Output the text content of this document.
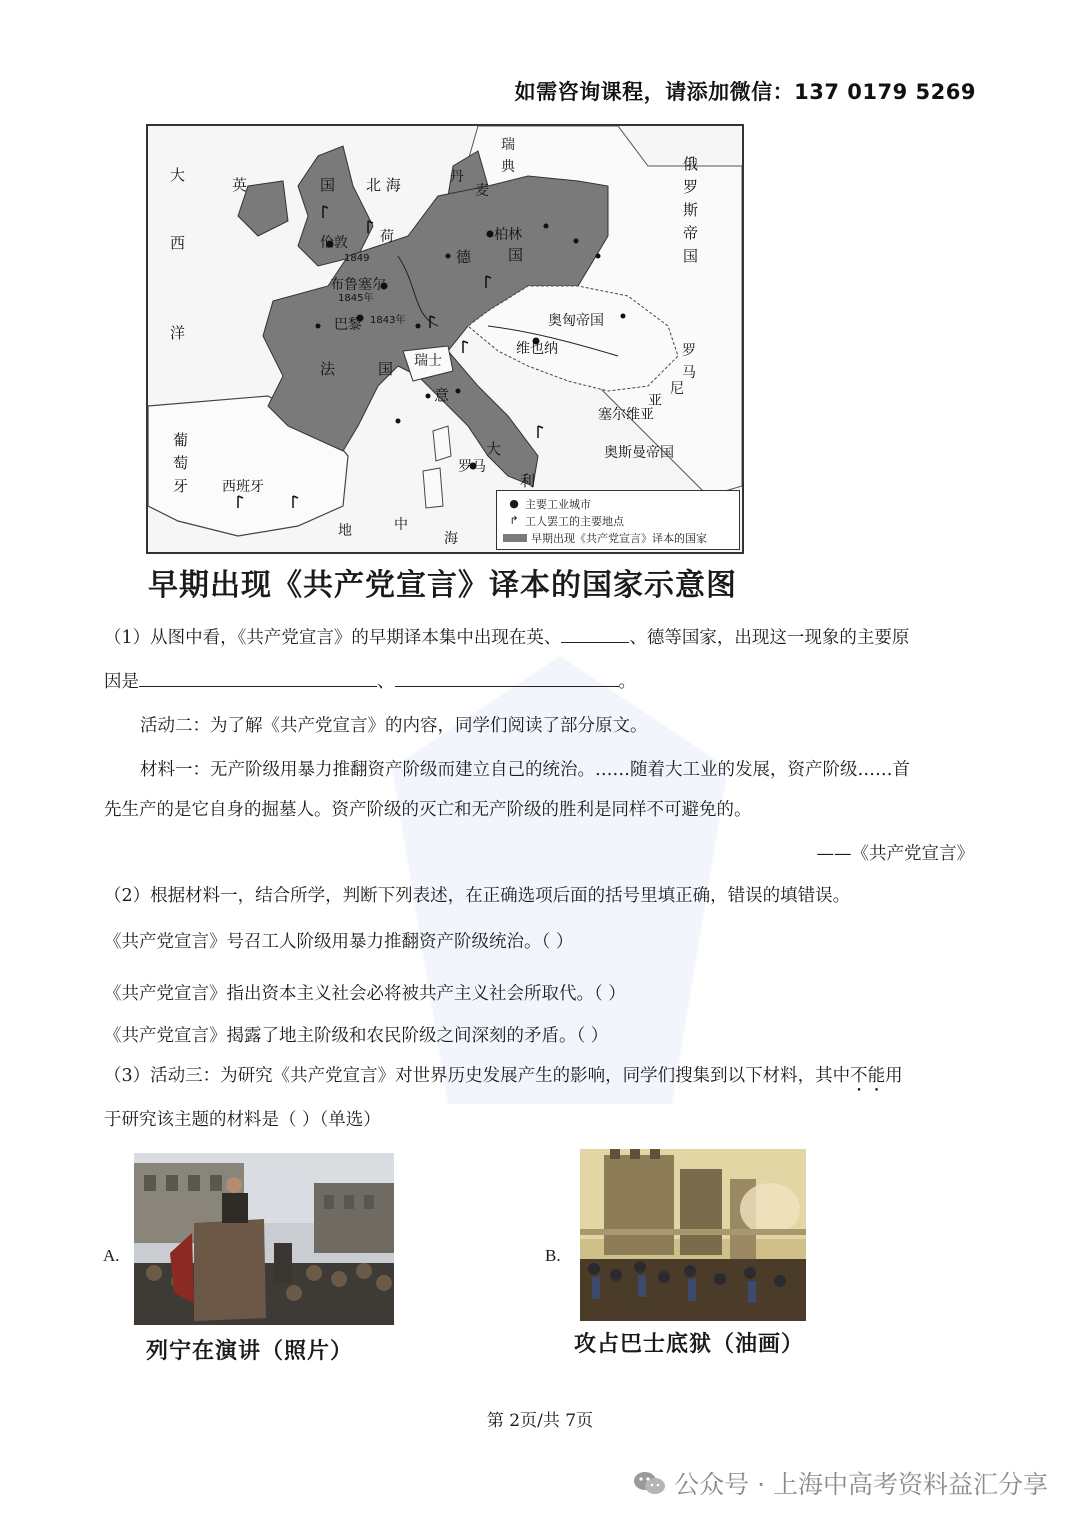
如需咨询课程，请添加微信：137 0179 5269
大
西
洋
英	国 北 海
瑞
典
丹
麦	俄罗斯帝国
伦敦 荷	柏林
德 国
1849
布鲁塞尔
1845年
巴黎 1843年	奥匈帝国
维也纳
法	国 瑞士
罗
马
尼
亚
意
大
利
罗马
塞尔维亚
奥斯曼帝国
葡萄牙 西班牙
地	中
海
● 主要工业城市
↱ 工人罢工的主要地点
早期出现《共产党宣言》译本的国家
早期出现《共产党宣言》译本的国家示意图
（1）从图中看，《共产党宣言》的早期译本集中出现在英、	、德等国家，出现这一现象的主要原
因是	、	。
活动二：为了解《共产党宣言》的内容，同学们阅读了部分原文。
材料一：无产阶级用暴力推翻资产阶级而建立自己的统治。……随着大工业的发展，资产阶级……首
先生产的是它自身的掘墓人。资产阶级的灭亡和无产阶级的胜利是同样不可避免的。
——《共产党宣言》
（2）根据材料一，结合所学，判断下列表述，在正确选项后面的括号里填正确，错误的填错误。
《共产党宣言》号召工人阶级用暴力推翻资产阶级统治。（ ）
《共产党宣言》指出资本主义社会必将被共产主义社会所取代。（ ）
《共产党宣言》揭露了地主阶级和农民阶级之间深刻的矛盾。（ ）
（3）活动三：为研究《共产党宣言》对世界历史发展产生的影响，同学们搜集到以下材料，其中不能用
于研究该主题的材料是（ ）（单选）
A.
列宁在演讲（照片）
B.
攻占巴士底狱（油画）
第 2页/共 7页
公众号 · 上海中高考资料益汇分享
